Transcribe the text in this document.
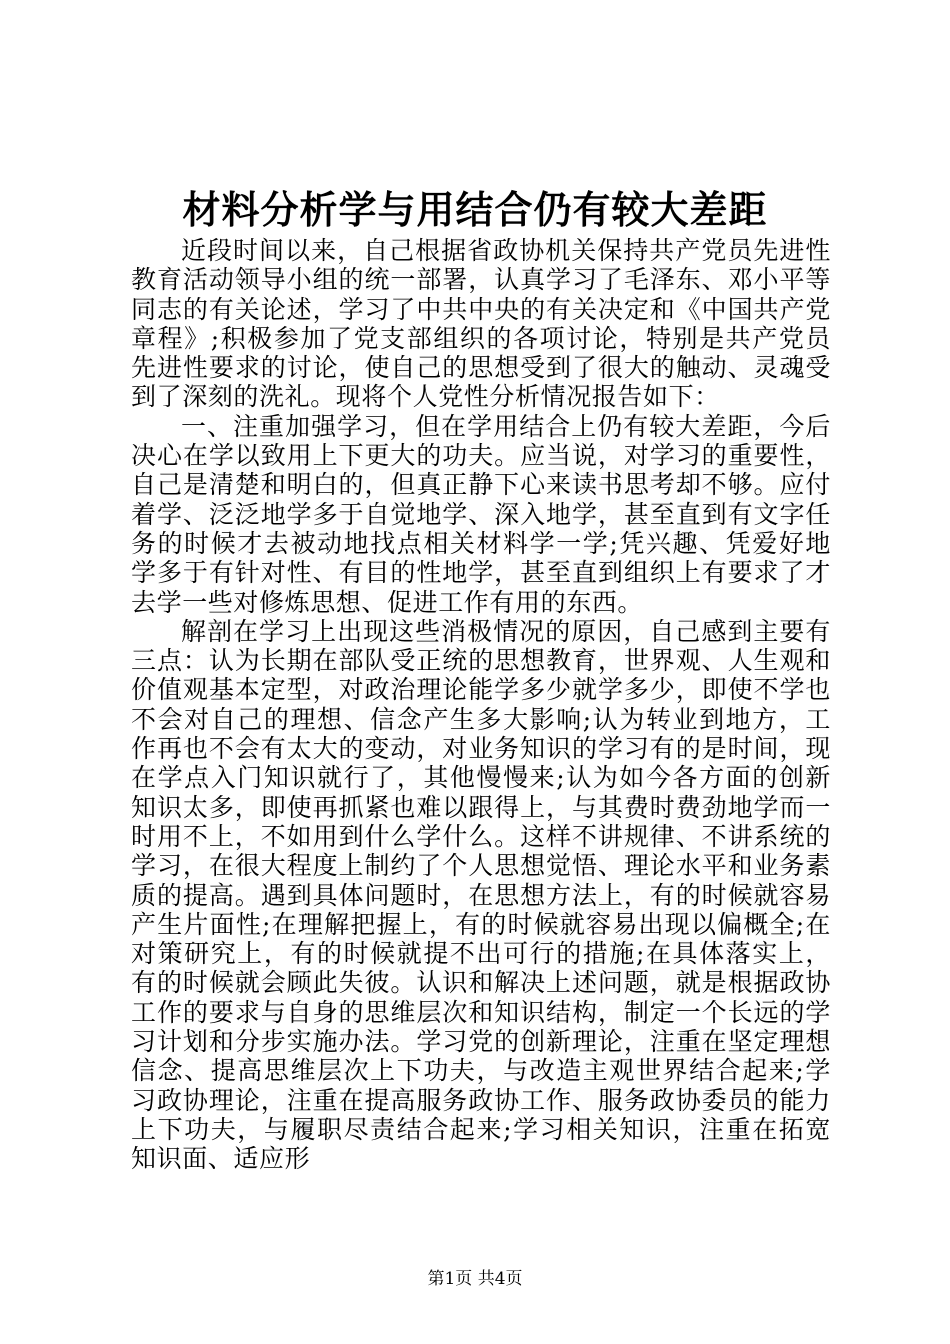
材料分析学与用结合仍有较大差距

近段时间以来，自己根据省政协机关保持共产党员先进性教育活动领导小组的统一部署，认真学习了毛泽东、邓小平等同志的有关论述，学习了中共中央的有关决定和《中国共产党章程》;积极参加了党支部组织的各项讨论，特别是共产党员先进性要求的讨论，使自己的思想受到了很大的触动、灵魂受到了深刻的洗礼。现将个人党性分析情况报告如下：

一、注重加强学习，但在学用结合上仍有较大差距，今后决心在学以致用上下更大的功夫。应当说，对学习的重要性，自己是清楚和明白的，但真正静下心来读书思考却不够。应付着学、泛泛地学多于自觉地学、深入地学，甚至直到有文字任务的时候才去被动地找点相关材料学一学;凭兴趣、凭爱好地学多于有针对性、有目的性地学，甚至直到组织上有要求了才去学一些对修炼思想、促进工作有用的东西。

解剖在学习上出现这些消极情况的原因，自己感到主要有三点：认为长期在部队受正统的思想教育，世界观、人生观和价值观基本定型，对政治理论能学多少就学多少，即使不学也不会对自己的理想、信念产生多大影响;认为转业到地方，工作再也不会有太大的变动，对业务知识的学习有的是时间，现在学点入门知识就行了，其他慢慢来;认为如今各方面的创新知识太多，即使再抓紧也难以跟得上，与其费时费劲地学而一时用不上，不如用到什么学什么。这样不讲规律、不讲系统的学习，在很大程度上制约了个人思想觉悟、理论水平和业务素质的提高。遇到具体问题时，在思想方法上，有的时候就容易产生片面性;在理解把握上，有的时候就容易出现以偏概全;在对策研究上，有的时候就提不出可行的措施;在具体落实上，有的时候就会顾此失彼。认识和解决上述问题，就是根据政协工作的要求与自身的思维层次和知识结构，制定一个长远的学习计划和分步实施办法。学习党的创新理论，注重在坚定理想信念、提高思维层次上下功夫，与改造主观世界结合起来;学习政协理论，注重在提高服务政协工作、服务政协委员的能力上下功夫，与履职尽责结合起来;学习相关知识，注重在拓宽知识面、适应形

第1页 共4页
